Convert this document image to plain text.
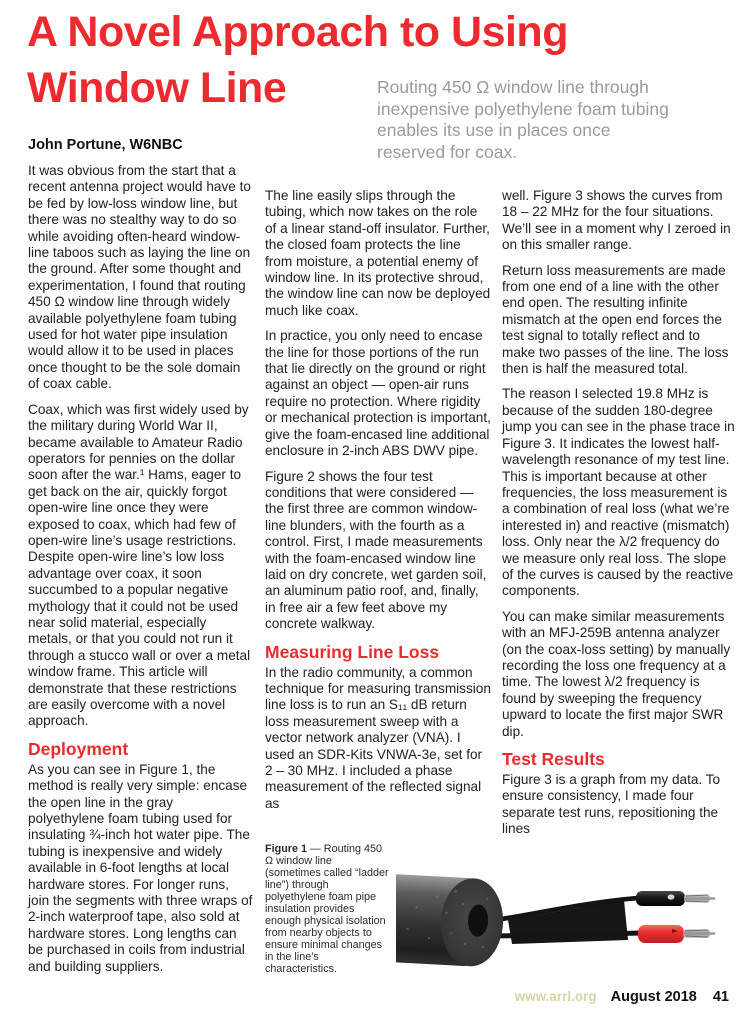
A Novel Approach to Using
Window Line	Routing 450 Ω window line through inexpensive polyethylene foam tubing enables its use in places once reserved for coax.
John Portune, W6NBC

It was obvious from the start that a recent antenna project would have to be fed by low-loss window line, but there was no stealthy way to do so while avoiding often-heard window-line taboos such as laying the line on the ground. After some thought and experimentation, I found that routing 450 Ω window line through widely available polyethylene foam tubing used for hot water pipe insulation would allow it to be used in places once thought to be the sole domain of coax cable.

Coax, which was first widely used by the military during World War II, became available to Amateur Radio operators for pennies on the dollar soon after the war.¹ Hams, eager to get back on the air, quickly forgot open-wire line once they were exposed to coax, which had few of open-wire line’s usage restrictions. Despite open-wire line’s low loss advantage over coax, it soon succumbed to a popular negative mythology that it could not be used near solid material, especially metals, or that you could not run it through a stucco wall or over a metal window frame. This article will demonstrate that these restrictions are easily overcome with a novel approach.

Deployment

As you can see in Figure 1, the method is really very simple: encase the open line in the gray polyethylene foam tubing used for insulating ¾-inch hot water pipe. The tubing is inexpensive and widely available in 6-foot lengths at local hardware stores. For longer runs, join the segments with three wraps of 2-inch waterproof tape, also sold at hardware stores. Long lengths can be purchased in coils from industrial and building suppliers.

The line easily slips through the tubing, which now takes on the role of a linear stand-off insulator. Further, the closed foam protects the line from moisture, a potential enemy of window line. In its protective shroud, the window line can now be deployed much like coax.

In practice, you only need to encase the line for those portions of the run that lie directly on the ground or right against an object — open-air runs require no protection. Where rigidity or mechanical protection is important, give the foam-encased line additional enclosure in 2-inch ABS DWV pipe.

Figure 2 shows the four test conditions that were considered — the first three are common window-line blunders, with the fourth as a control. First, I made measurements with the foam-encased window line laid on dry concrete, wet garden soil, an aluminum patio roof, and, finally, in free air a few feet above my concrete walkway.

Measuring Line Loss

In the radio community, a common technique for measuring transmission line loss is to run an S₁₁ dB return loss measurement sweep with a vector network analyzer (VNA). I used an SDR-Kits VNWA-3e, set for 2 – 30 MHz. I included a phase measurement of the reflected signal as

well. Figure 3 shows the curves from 18 – 22 MHz for the four situations. We’ll see in a moment why I zeroed in on this smaller range.

Return loss measurements are made from one end of a line with the other end open. The resulting infinite mismatch at the open end forces the test signal to totally reflect and to make two passes of the line. The loss then is half the measured total.

The reason I selected 19.8 MHz is because of the sudden 180-degree jump you can see in the phase trace in Figure 3. It indicates the lowest half-wavelength resonance of my test line. This is important because at other frequencies, the loss measurement is a combination of real loss (what we’re interested in) and reactive (mismatch) loss. Only near the λ/2 frequency do we measure only real loss. The slope of the curves is caused by the reactive components.

You can make similar measurements with an MFJ-259B antenna analyzer (on the coax-loss setting) by manually recording the loss one frequency at a time. The lowest λ/2 frequency is found by sweeping the frequency upward to locate the first major SWR dip.

Test Results

Figure 3 is a graph from my data. To ensure consistency, I made four separate test runs, repositioning the lines

Figure 1 — Routing 450 Ω window line (sometimes called “ladder line”) through polyethylene foam pipe insulation provides enough physical isolation from nearby objects to ensure minimal changes in the line’s characteristics.
www.arrl.org August 2018 41
